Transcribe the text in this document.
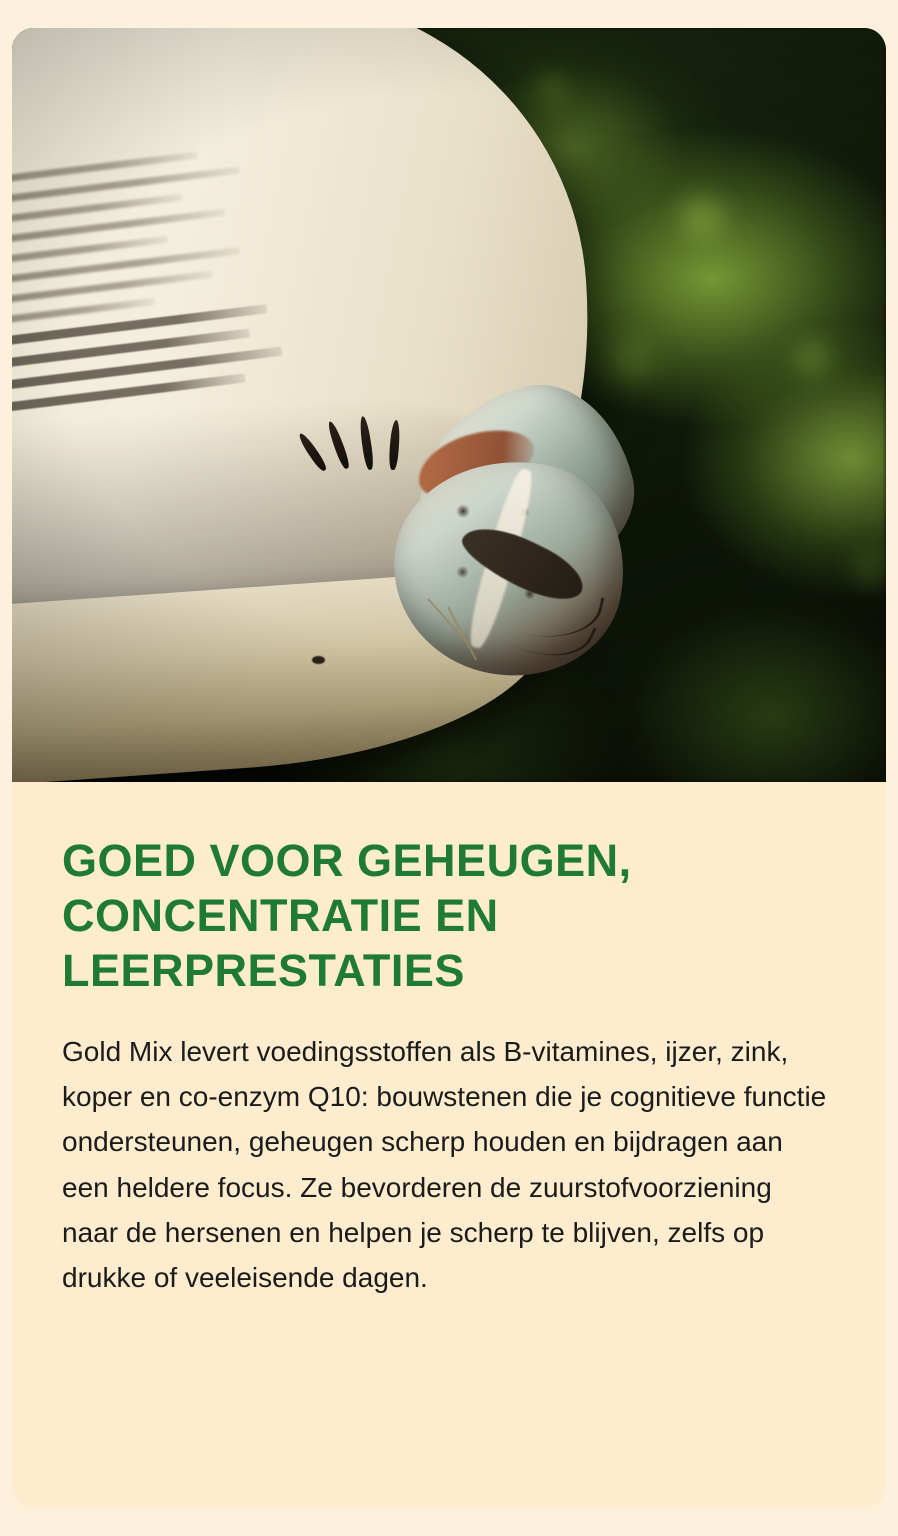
GOED VOOR GEHEUGEN, CONCENTRATIE EN LEERPRESTATIES

Gold Mix levert voedingsstoffen als B-vitamines, ijzer, zink, koper en co-enzym Q10: bouwstenen die je cognitieve functie ondersteunen, geheugen scherp houden en bijdragen aan een heldere focus. Ze bevorderen de zuurstofvoorziening naar de hersenen en helpen je scherp te blijven, zelfs op drukke of veeleisende dagen.
